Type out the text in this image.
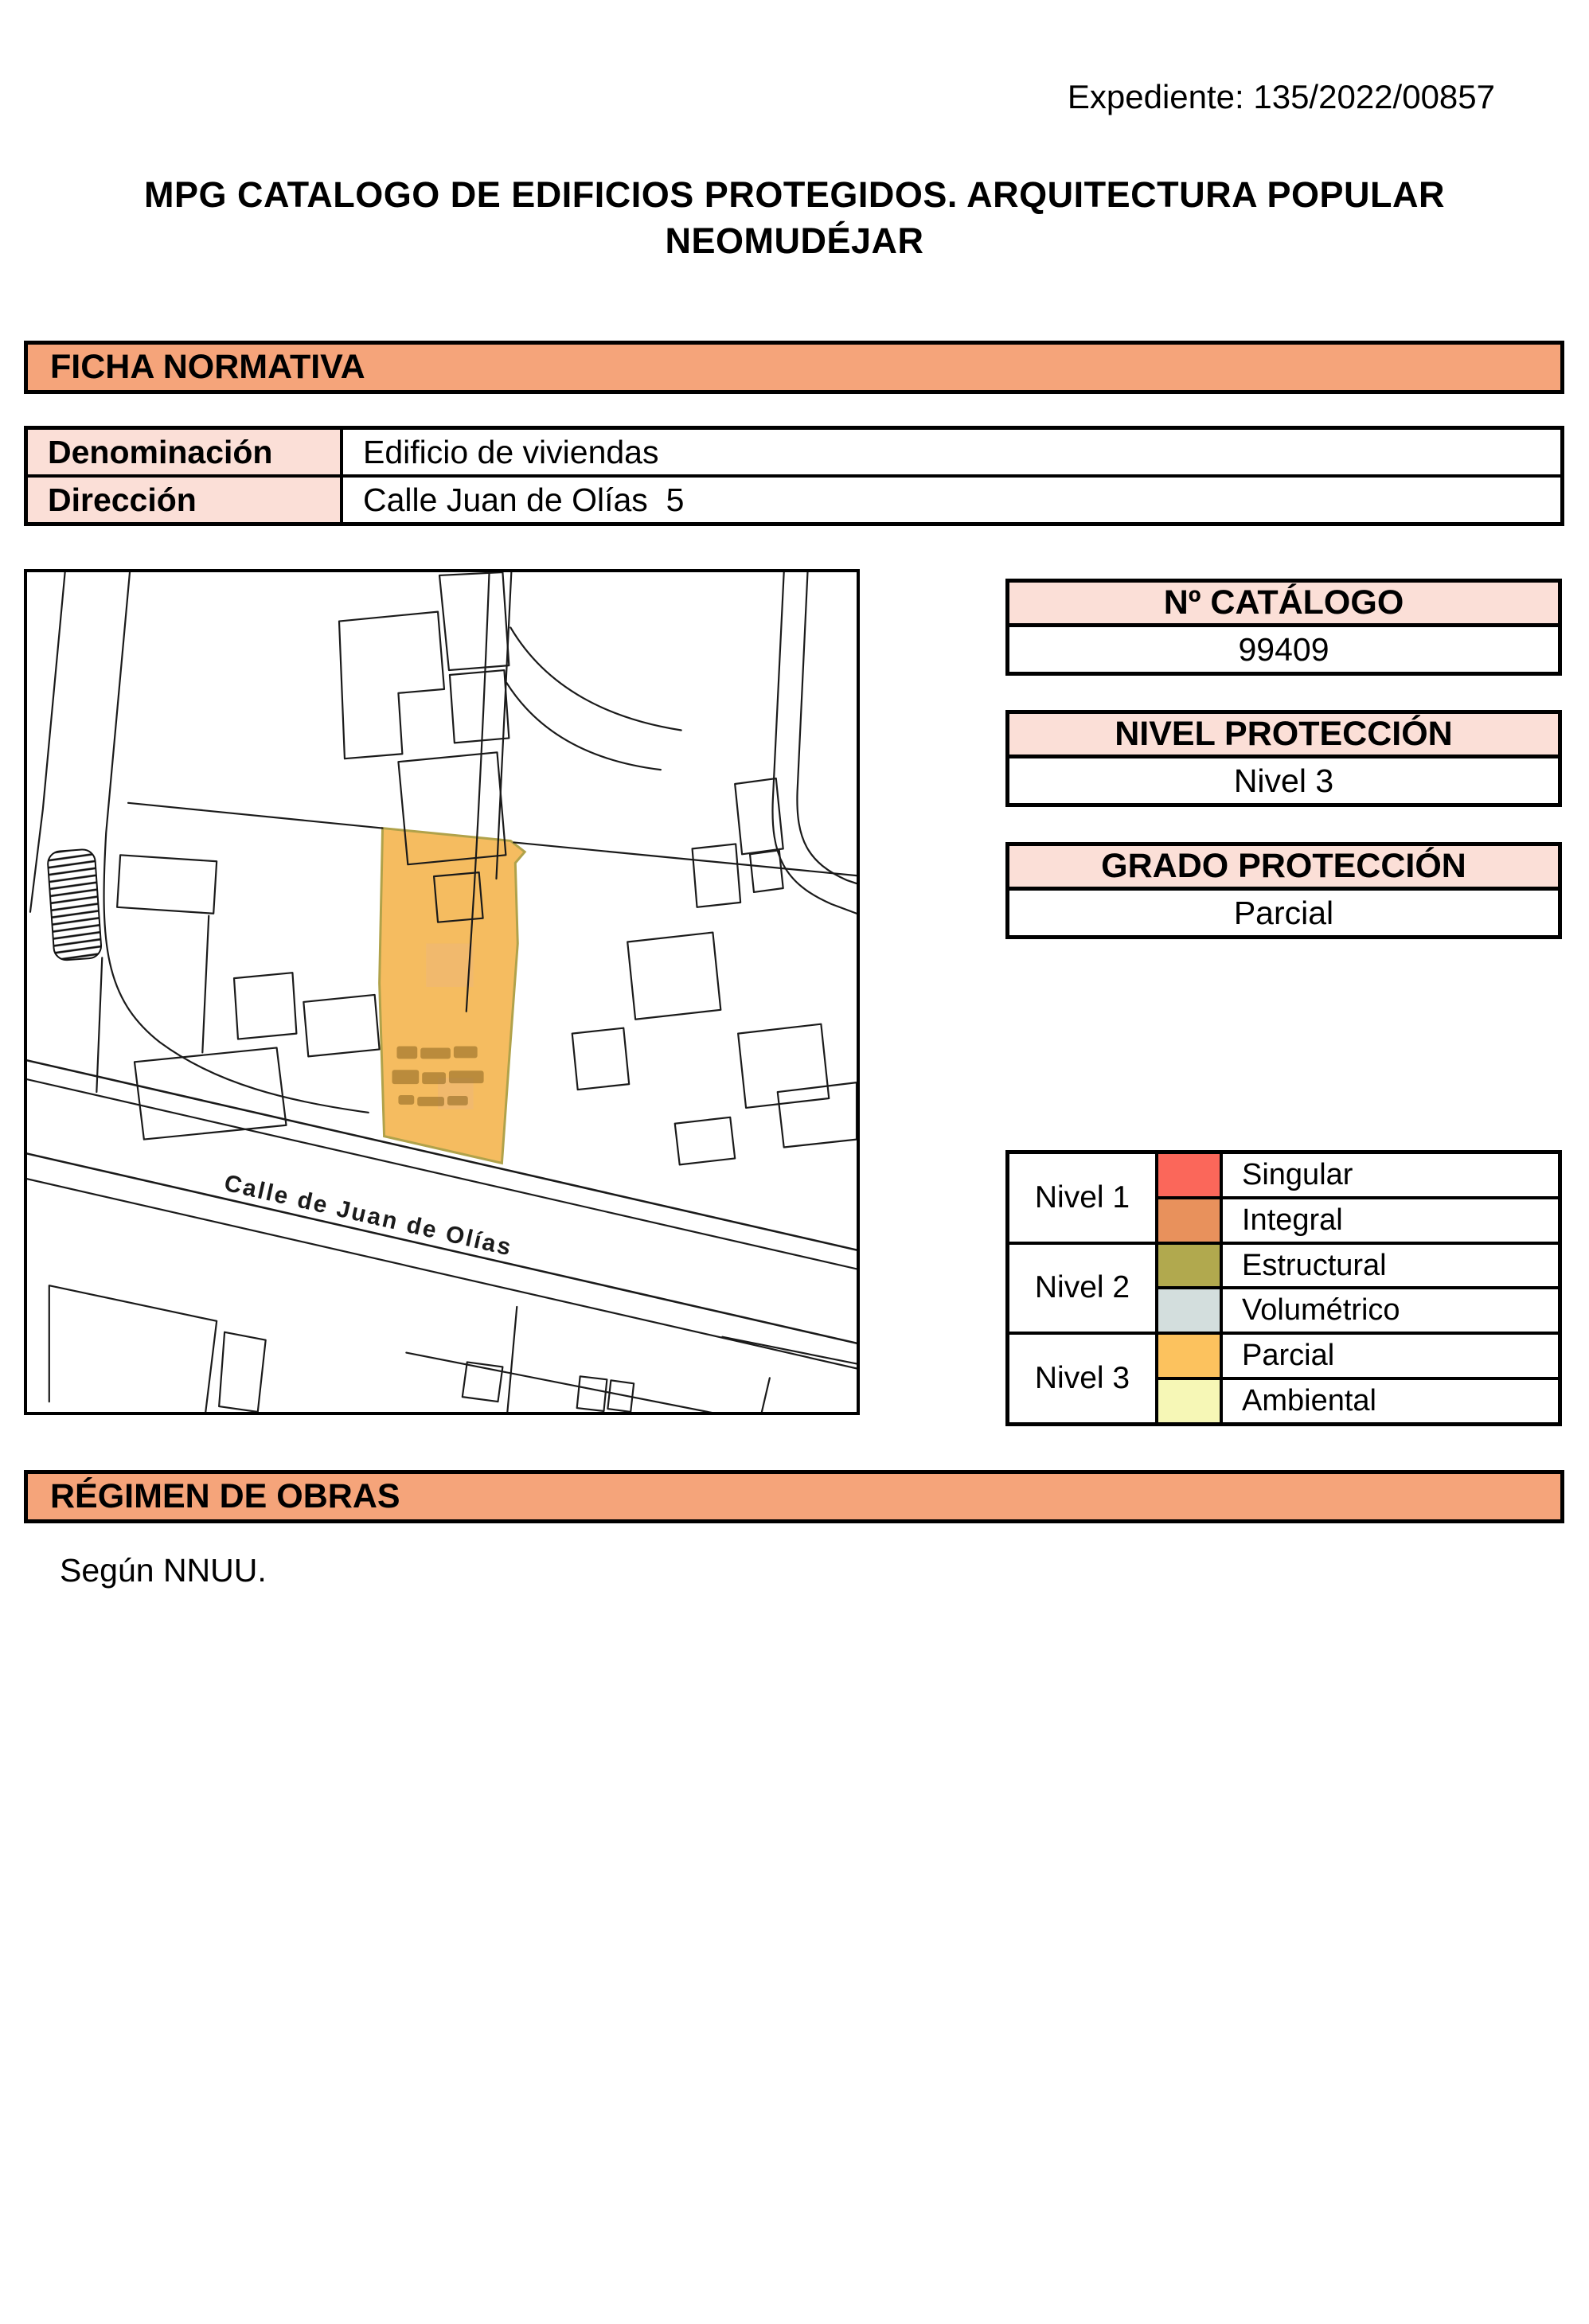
Expediente: 135/2022/00857
MPG CATALOGO DE EDIFICIOS PROTEGIDOS. ARQUITECTURA POPULAR
NEOMUDÉJAR
FICHA NORMATIVA
Denominación	Edificio de viviendas
Dirección	Calle Juan de Olías  5
Calle de Juan de Olías
Nº CATÁLOGO
99409
NIVEL PROTECCIÓN
Nivel 3
GRADO PROTECCIÓN
Parcial
Nivel 1
Singular
Integral
Nivel 2
Estructural
Volumétrico
Nivel 3
Parcial
Ambiental
RÉGIMEN DE OBRAS
Según NNUU.
